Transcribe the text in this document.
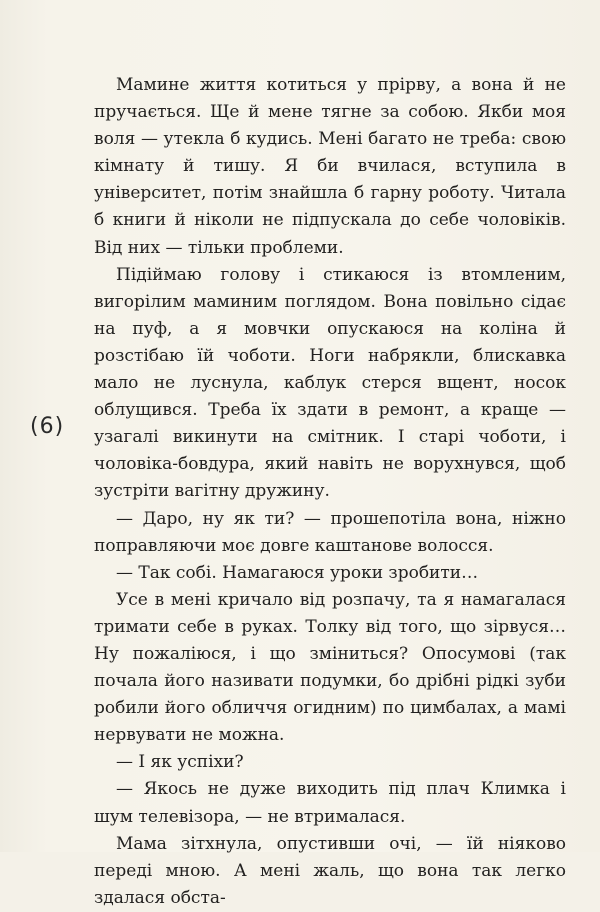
(6)

Мамине життя котиться у прірву, а вона й не пручається. Ще й мене тягне за собою. Якби моя воля — утекла б кудись. Мені багато не треба: свою кімнату й тишу. Я би вчилася, вступила в університет, потім знайшла б гарну роботу. Читала б книги й ніколи не підпускала до себе чоловіків. Від них — тільки проблеми.

Підіймаю голову і стикаюся із втомленим, вигорілим маминим поглядом. Вона повільно сідає на пуф, а я мовчки опускаюся на коліна й розстібаю їй чоботи. Ноги набрякли, блискавка мало не луснула, каблук стерся вщент, носок облущився. Треба їх здати в ремонт, а краще — узагалі викинути на смітник. І старі чоботи, і чоловіка-бовдура, який навіть не ворухнувся, щоб зустріти вагітну дружину.

— Даро, ну як ти? — прошепотіла вона, ніжно поправляючи моє довге каштанове волосся.

— Так собі. Намагаюся уроки зробити…

Усе в мені кричало від розпачу, та я намагалася тримати себе в руках. Толку від того, що зірвуся… Ну пожаліюся, і що зміниться? Опосумові (так почала його називати подумки, бо дрібні рідкі зуби робили його обличчя огидним) по цимбалах, а мамі нервувати не можна.

— І як успіхи?

— Якось не дуже виходить під плач Климка і шум телевізора, — не втрималася.

Мама зітхнула, опустивши очі, — їй ніяково переді мною. А мені жаль, що вона так легко здалася обста-
